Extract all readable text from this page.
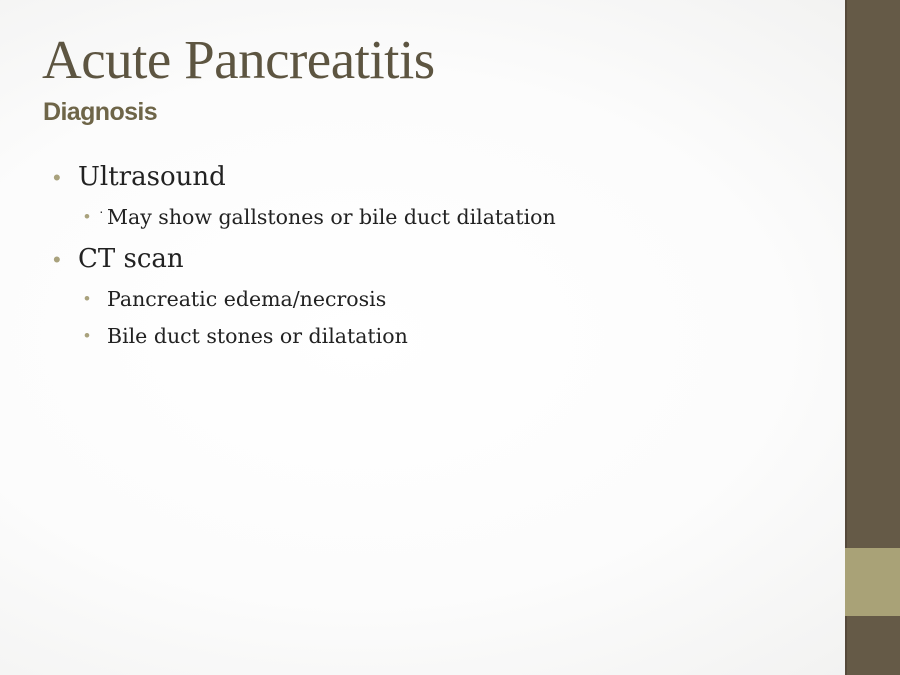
Acute Pancreatitis
Diagnosis
• Ultrasound
• · May show gallstones or bile duct dilatation
• CT scan
• Pancreatic edema/necrosis
• Bile duct stones or dilatation
